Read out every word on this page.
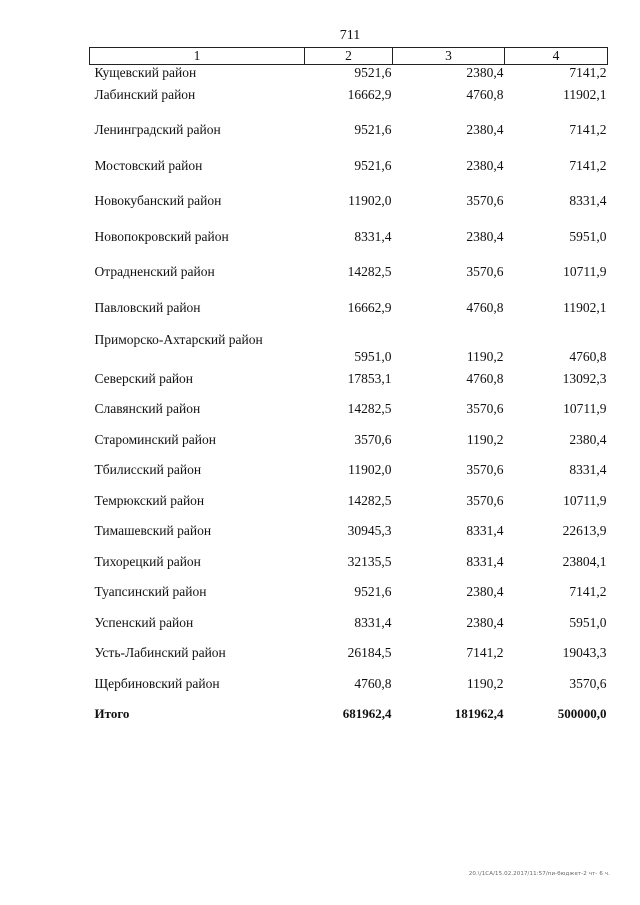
711
1	2	3	4
Кущевский район	9521,6	2380,4	7141,2
Лабинский район	16662,9	4760,8	11902,1
Ленинградский район	9521,6	2380,4	7141,2
Мостовский район	9521,6	2380,4	7141,2
Новокубанский район	11902,0	3570,6	8331,4
Новопокровский район	8331,4	2380,4	5951,0
Отрадненский район	14282,5	3570,6	10711,9
Павловский район	16662,9	4760,8	11902,1
Приморско-Ахтарский район	5951,0	1190,2	4760,8
Северский район	17853,1	4760,8	13092,3
Славянский район	14282,5	3570,6	10711,9
Староминский район	3570,6	1190,2	2380,4
Тбилисский район	11902,0	3570,6	8331,4
Темрюкский район	14282,5	3570,6	10711,9
Тимашевский район	30945,3	8331,4	22613,9
Тихорецкий район	32135,5	8331,4	23804,1
Туапсинский район	9521,6	2380,4	7141,2
Успенский район	8331,4	2380,4	5951,0
Усть-Лабинский район	26184,5	7141,2	19043,3
Щербиновский район	4760,8	1190,2	3570,6
Итого	681962,4	181962,4	500000,0
20.\/1СА/15.02.2017/11:57/пи-бюджет-2 чт- 6 ч.
